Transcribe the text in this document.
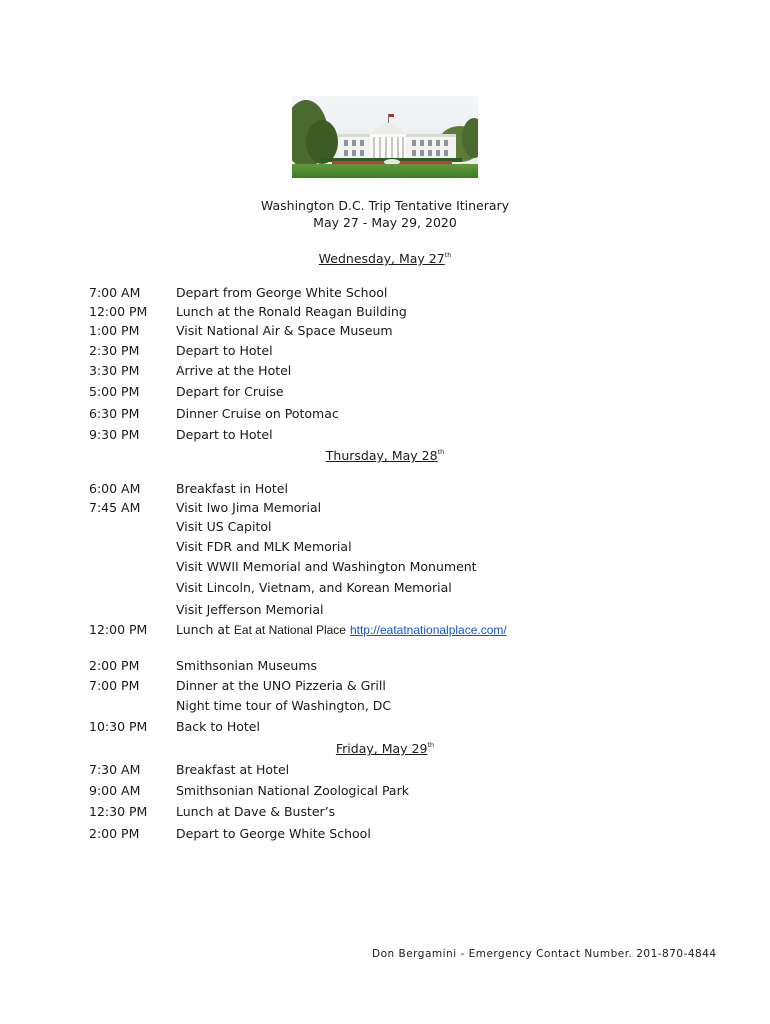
Washington D.C. Trip Tentative Itinerary
May 27 - May 29, 2020
Wednesday, May 27th
7:00 AM	Depart from George White School
12:00 PM	Lunch at the Ronald Reagan Building
1:00 PM	Visit National Air & Space Museum
2:30 PM	Depart to Hotel
3:30 PM	Arrive at the Hotel
5:00 PM	Depart for Cruise
6:30 PM	Dinner Cruise on Potomac
9:30 PM	Depart to Hotel
Thursday, May 28th
6:00 AM	Breakfast in Hotel
7:45 AM	Visit Iwo Jima Memorial
Visit US Capitol
Visit FDR and MLK Memorial
Visit WWII Memorial and Washington Monument
Visit Lincoln, Vietnam, and Korean Memorial
Visit Jefferson Memorial
12:00 PM	Lunch at Eat at National Place http://eatatnationalplace.com/
2:00 PM	Smithsonian Museums
7:00 PM	Dinner at the UNO Pizzeria & Grill
Night time tour of Washington, DC
10:30 PM	Back to Hotel
Friday, May 29th
7:30 AM	Breakfast at Hotel
9:00 AM	Smithsonian National Zoological Park
12:30 PM	Lunch at Dave & Buster’s
2:00 PM	Depart to George White School
Don Bergamini - Emergency Contact Number. 201-870-4844
